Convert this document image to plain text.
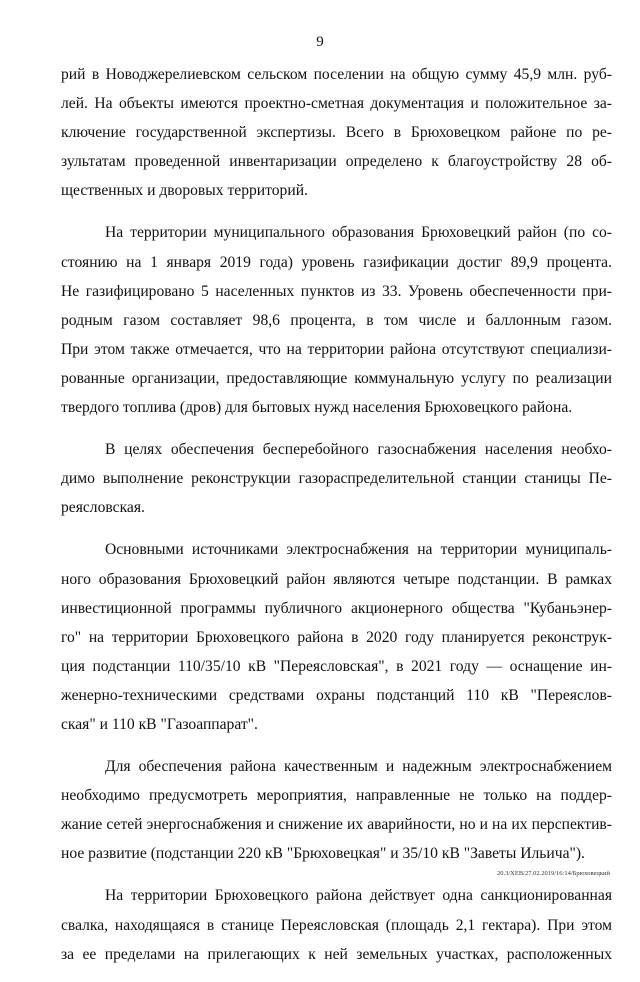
9

рий в Новоджерелиевском сельском поселении на общую сумму 45,9 млн. руб-
лей. На объекты имеются проектно-сметная документация и положительное за-
ключение государственной экспертизы. Всего в Брюховецком районе по ре-
зультатам проведенной инвентаризации определено к благоустройству 28 об-
щественных и дворовых территорий.

На территории муниципального образования Брюховецкий район (по со-
стоянию на 1 января 2019 года) уровень газификации достиг 89,9 процента.
Не газифицировано 5 населенных пунктов из 33. Уровень обеспеченности при-
родным газом составляет 98,6 процента, в том числе и баллонным газом.
При этом также отмечается, что на территории района отсутствуют специализи-
рованные организации, предоставляющие коммунальную услугу по реализации
твердого топлива (дров) для бытовых нужд населения Брюховецкого района.

В целях обеспечения бесперебойного газоснабжения населения необхо-
димо выполнение реконструкции газораспределительной станции станицы Пе-
реясловская.

Основными источниками электроснабжения на территории муниципаль-
ного образования Брюховецкий район являются четыре подстанции. В рамках
инвестиционной программы публичного акционерного общества "Кубаньэнер-
го" на территории Брюховецкого района в 2020 году планируется реконструк-
ция подстанции 110/35/10 кВ "Переясловская", в 2021 году — оснащение ин-
женерно-техническими средствами охраны подстанций 110 кВ "Переяслов-
ская" и 110 кВ "Газоаппарат".

Для обеспечения района качественным и надежным электроснабжением
необходимо предусмотреть мероприятия, направленные не только на поддер-
жание сетей энергоснабжения и снижение их аварийности, но и на их перспектив-
ное развитие (подстанции 220 кВ "Брюховецкая" и 35/10 кВ "Заветы Ильича").

На территории Брюховецкого района действует одна санкционированная
свалка, находящаяся в станице Переясловская (площадь 2,1 гектара). При этом
за ее пределами на прилегающих к ней земельных участках, расположенных

20.3/ХЕВ/27.02.2019/16:14/Брюховецкий
